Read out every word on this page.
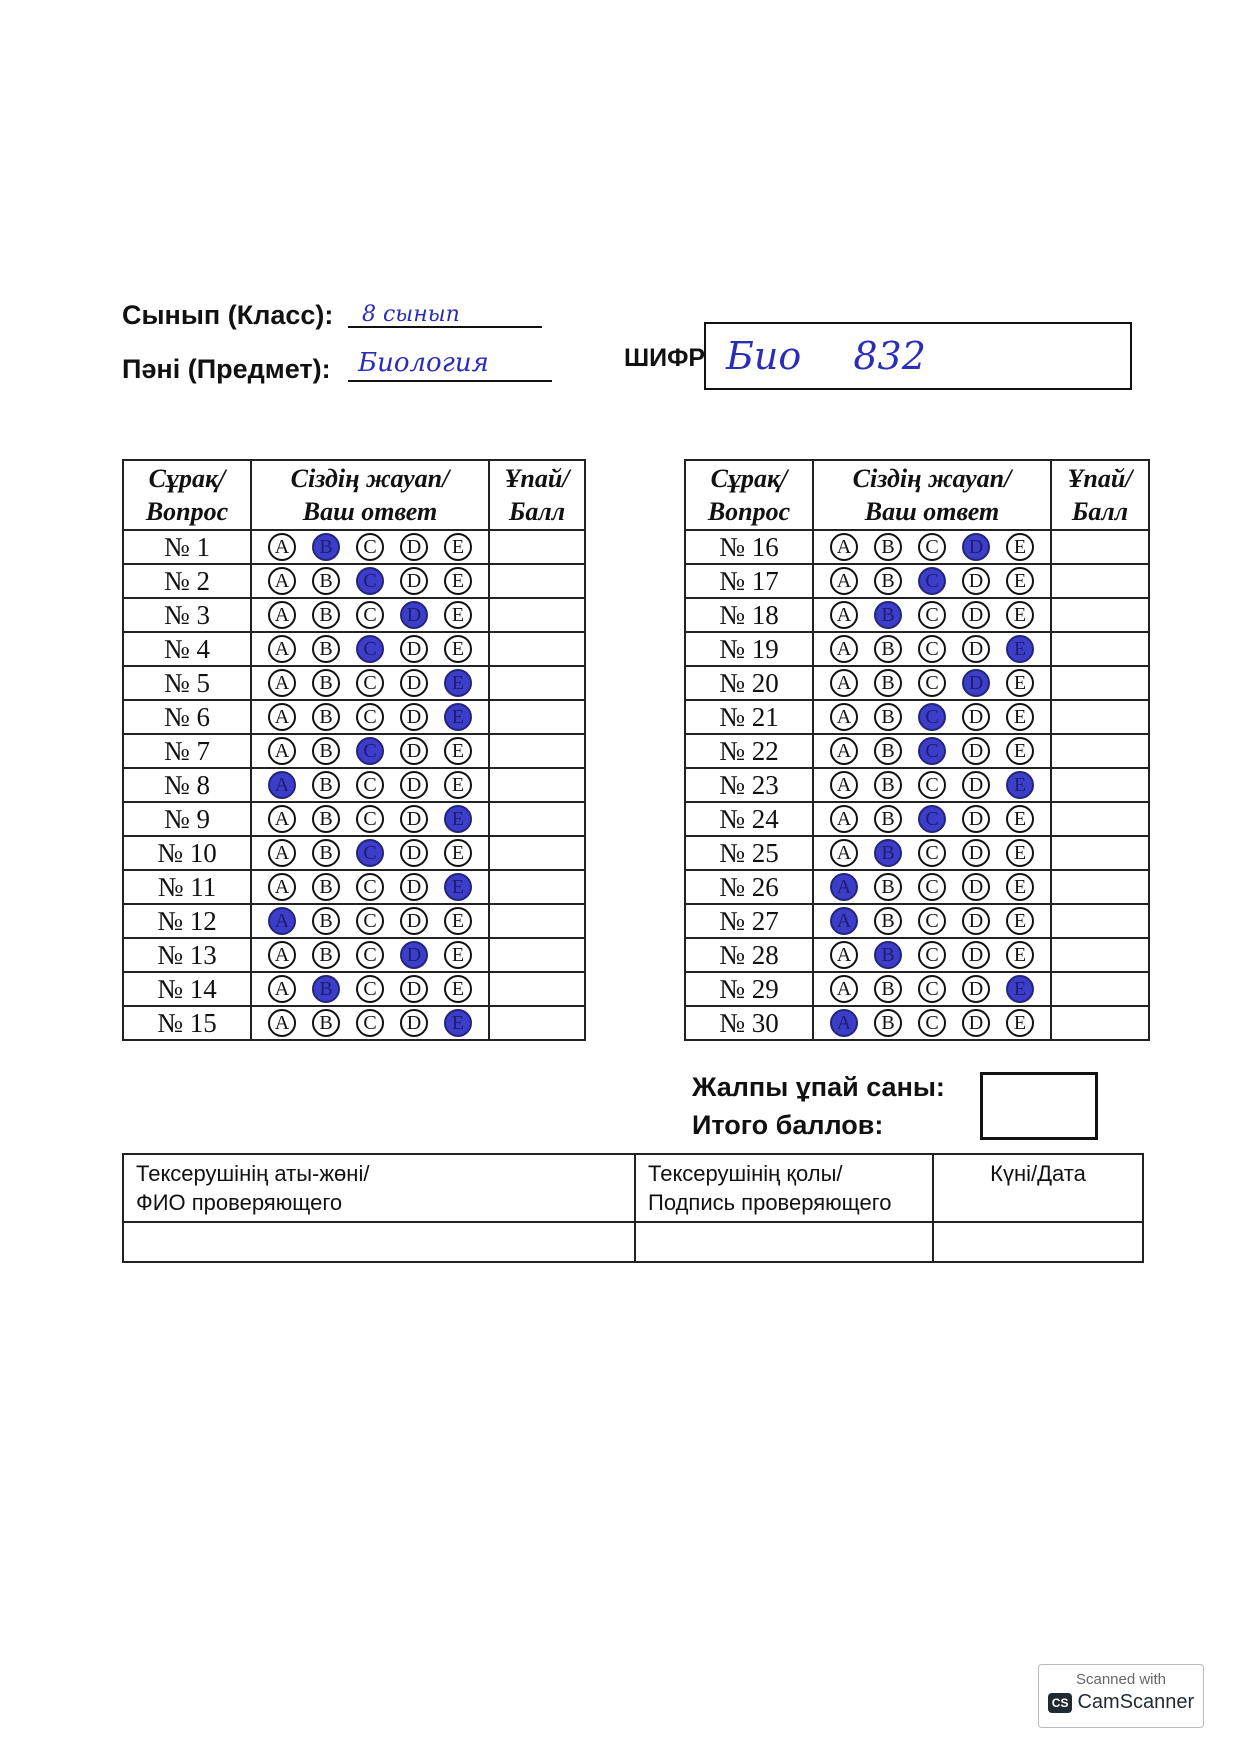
Сынып (Класс): 8 сынып
Пәні (Предмет): Биология	ШИФР Био 832
Сұрақ/
Вопрос	Сіздің жауап/
Ваш ответ	Ұпай/
Балл
№ 1	A B C D E	

№ 2	A B C D E	

№ 3	A B C D E	

№ 4	A B C D E	

№ 5	A B C D E	

№ 6	A B C D E	

№ 7	A B C D E	

№ 8	A B C D E	

№ 9	A B C D E	

№ 10	A B C D E	

№ 11	A B C D E	

№ 12	A B C D E	

№ 13	A B C D E	

№ 14	A B C D E	

№ 15	A B C D E	

Сұрақ/
Вопрос	Сіздің жауап/
Ваш ответ	Ұпай/
Балл
№ 16	A B C D E	

№ 17	A B C D E	

№ 18	A B C D E	

№ 19	A B C D E	

№ 20	A B C D E	

№ 21	A B C D E	

№ 22	A B C D E	

№ 23	A B C D E	

№ 24	A B C D E	

№ 25	A B C D E	

№ 26	A B C D E	

№ 27	A B C D E	

№ 28	A B C D E	

№ 29	A B C D E	

№ 30	A B C D E	

Жалпы ұпай саны:
Итого баллов:
Тексерушінің аты-жөні/
ФИО проверяющего	Тексерушінің қолы/
Подпись проверяющего	Күні/Дата

Scanned with
CS CamScanner
